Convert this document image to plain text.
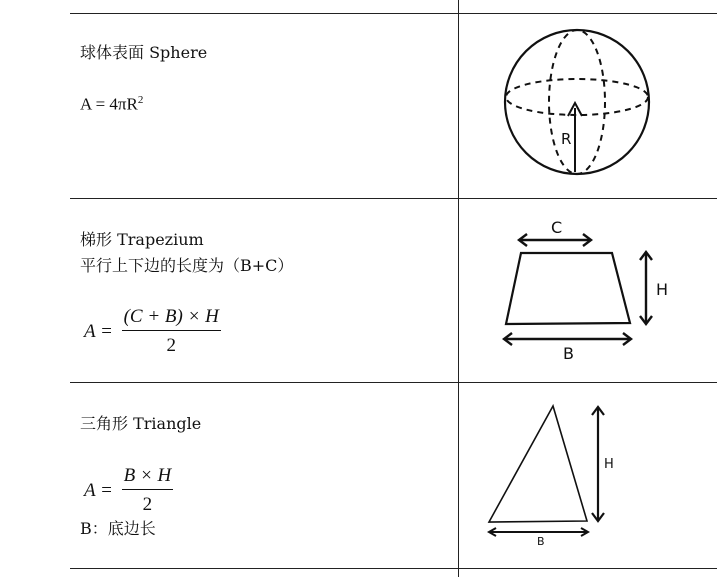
球体表面 Sphere
$A = 4\pi R^2$
R
梯形 Trapezium
平行上下边的长度为（B+C）
$A = \frac{(C + B) \times H}{2}$
C
H
B
三角形 Triangle
$A = \frac{B \times H}{2}$
B：底边长
H
B
